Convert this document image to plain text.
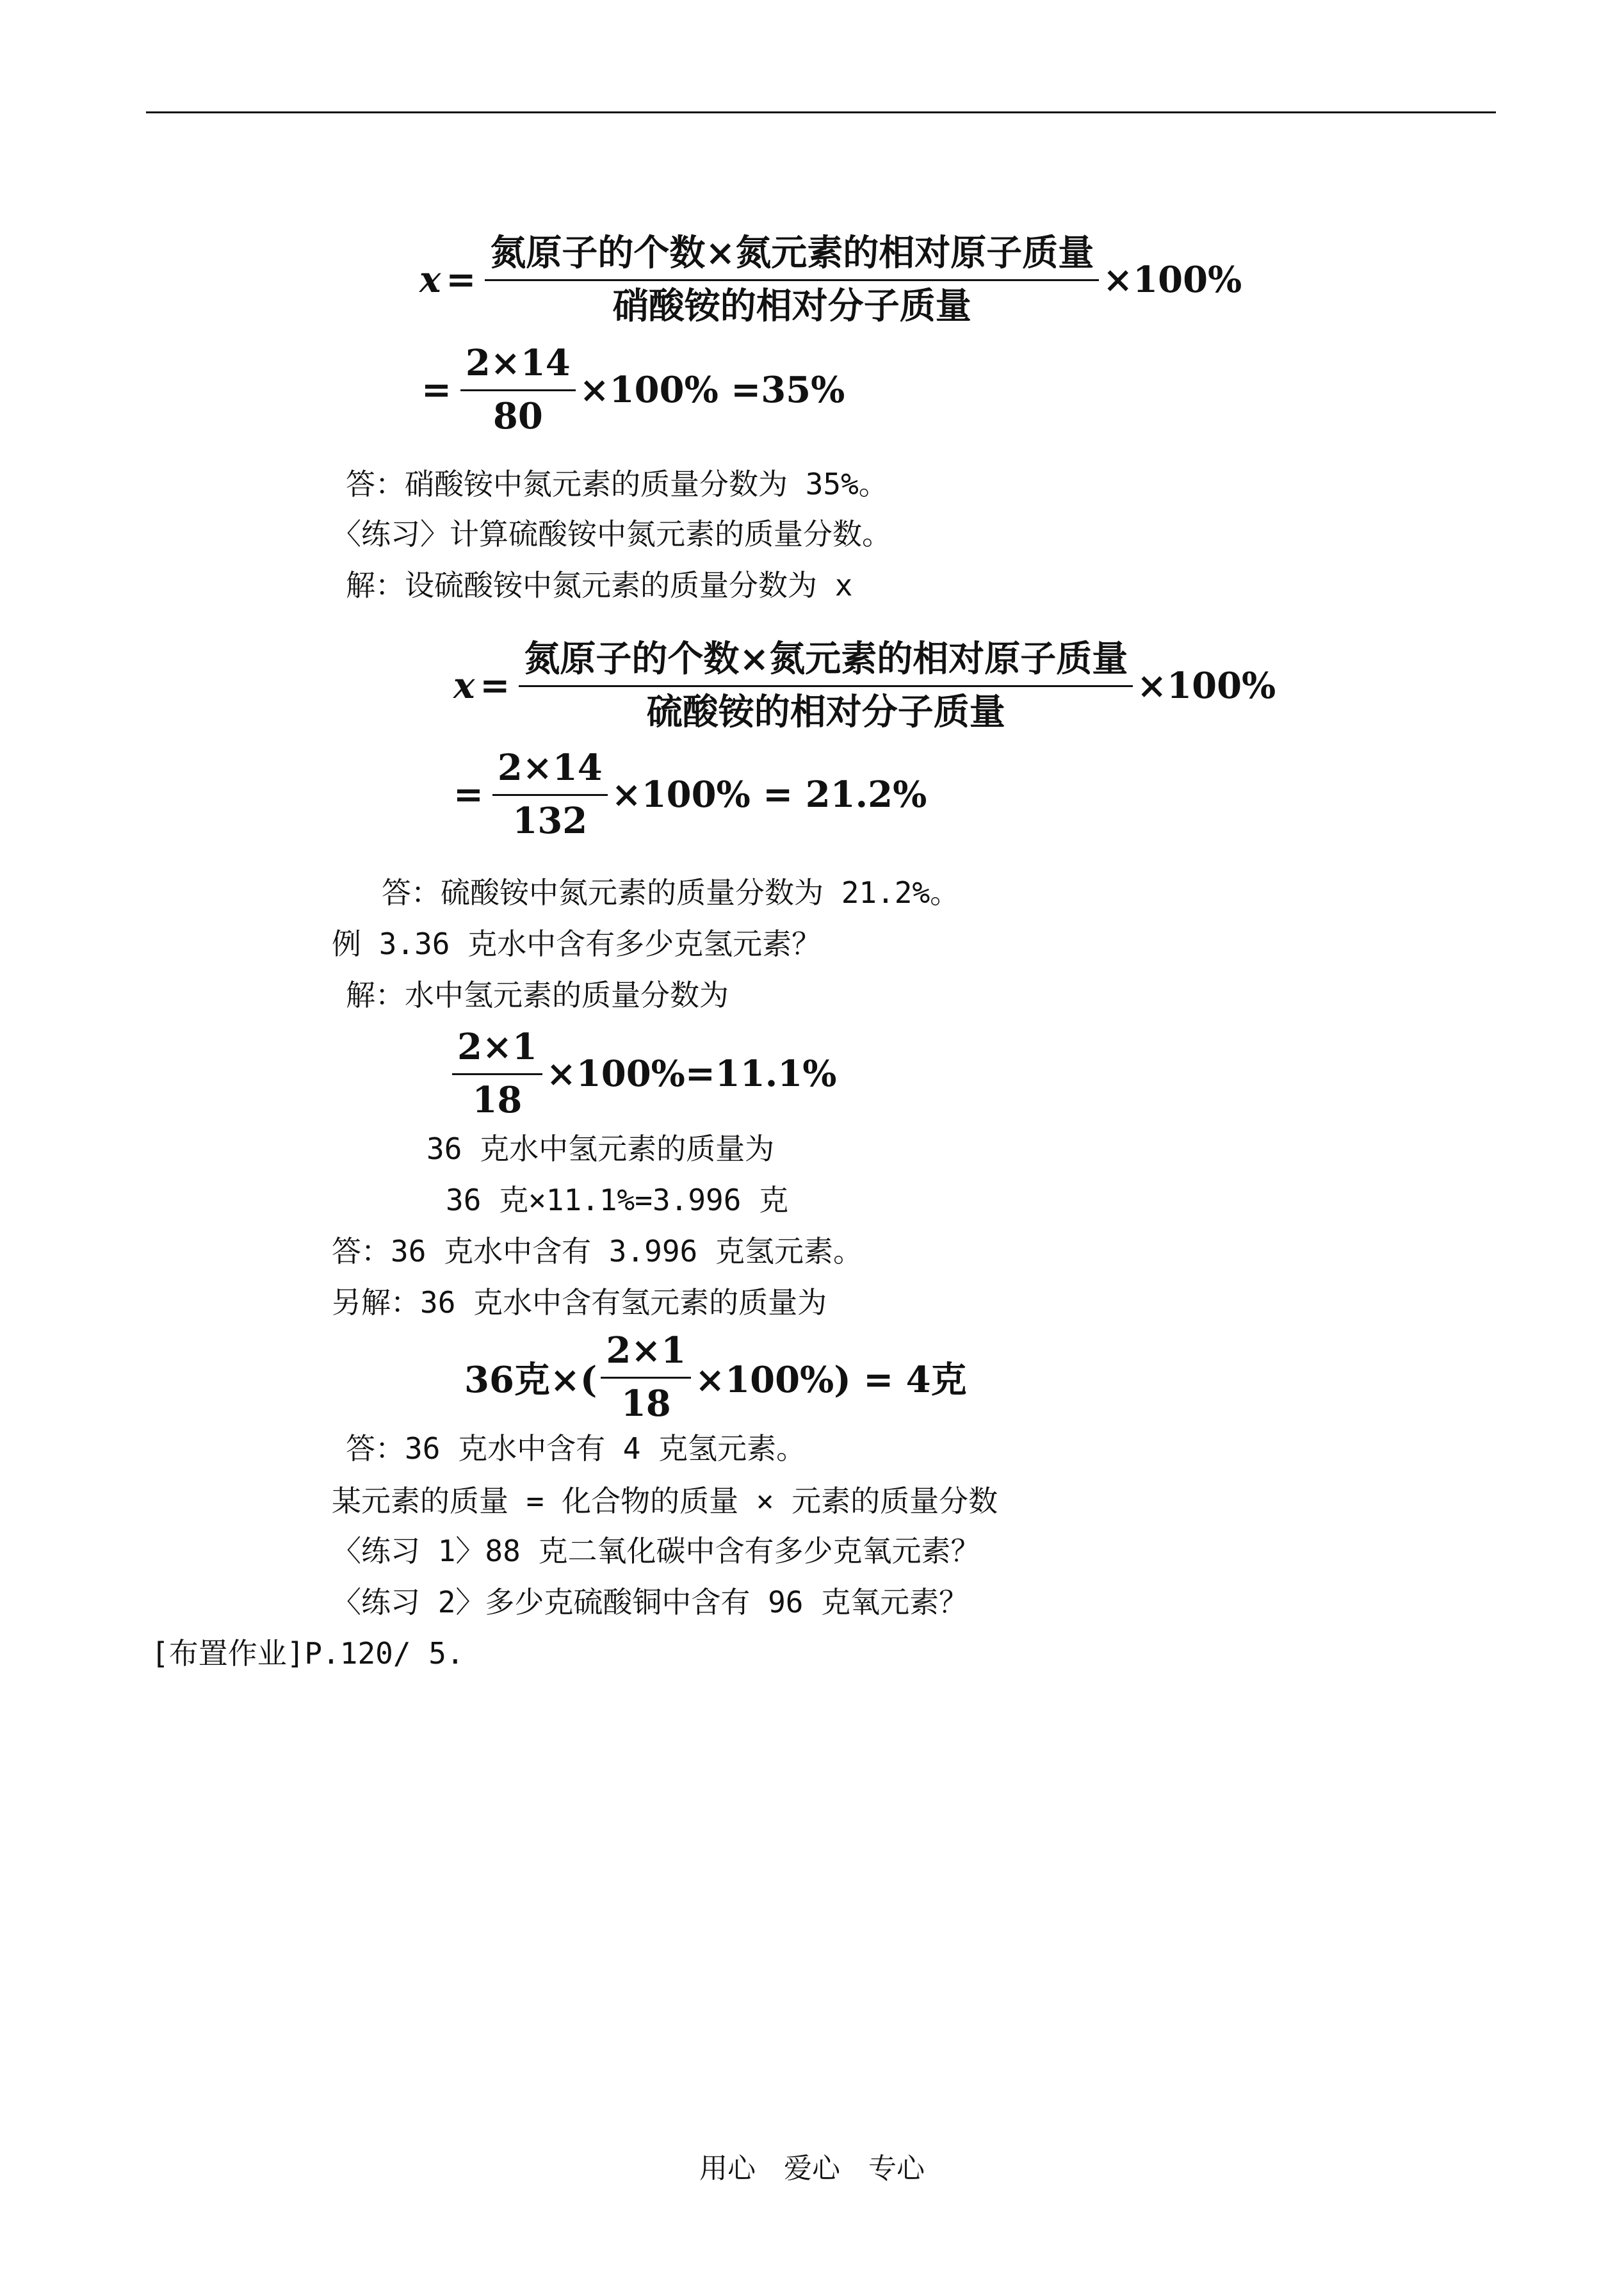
$x = \frac{\text{氮原子的个数×氮元素的相对原子质量}}{\text{硝酸铵的相对分子质量}} \times 100\%$
= $\frac{2\times 14}{80} \times 100\% =35\%$
答：硝酸铵中氮元素的质量分数为 35%。
〈练习〉计算硫酸铵中氮元素的质量分数。
解：设硫酸铵中氮元素的质量分数为 x
$x = \frac{\text{氮原子的个数×氮元素的相对原子质量}}{\text{硫酸铵的相对分子质量}} \times 100\%$
= $\frac{2\times 14}{132} \times 100\% = 21.2\%$
答：硫酸铵中氮元素的质量分数为 21.2%。
例 3.36 克水中含有多少克氢元素？
解：水中氢元素的质量分数为
$\frac{2\times 1}{18} \times 100\%=11.1\%$
36 克水中氢元素的质量为
36 克×11.1%=3.996 克
答：36 克水中含有 3.996 克氢元素。
另解：36 克水中含有氢元素的质量为
36克×( $\frac{2\times 1}{18} \times 100\%) = 4$克
答：36 克水中含有 4 克氢元素。
某元素的质量 = 化合物的质量 × 元素的质量分数
〈练习 1〉88 克二氧化碳中含有多少克氧元素？
〈练习 2〉多少克硫酸铜中含有 96 克氧元素？
[布置作业]P.120/ 5.
用心 爱心 专心
